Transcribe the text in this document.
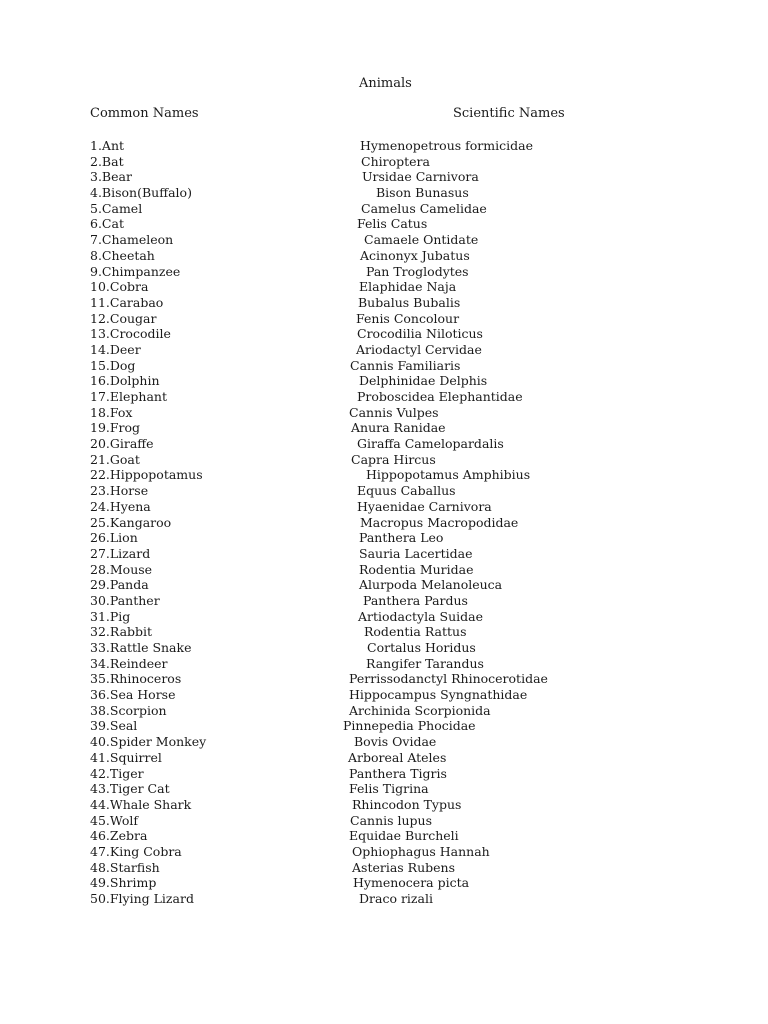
Animals
Common Names	Scientific Names
1.Ant	Hymenopetrous formicidae
2.Bat	Chiroptera
3.Bear	Ursidae Carnivora
4.Bison(Buffalo)	Bison Bunasus
5.Camel	Camelus Camelidae
6.Cat	Felis Catus
7.Chameleon	Camaele Ontidate
8.Cheetah	Acinonyx Jubatus
9.Chimpanzee	Pan Troglodytes
10.Cobra	Elaphidae Naja
11.Carabao	Bubalus Bubalis
12.Cougar	Fenis Concolour
13.Crocodile	Crocodilia Niloticus
14.Deer	Ariodactyl Cervidae
15.Dog	Cannis Familiaris
16.Dolphin	Delphinidae Delphis
17.Elephant	Proboscidea Elephantidae
18.Fox	Cannis Vulpes
19.Frog	Anura Ranidae
20.Giraffe	Giraffa Camelopardalis
21.Goat	Capra Hircus
22.Hippopotamus	Hippopotamus Amphibius
23.Horse	Equus Caballus
24.Hyena	Hyaenidae Carnivora
25.Kangaroo	Macropus Macropodidae
26.Lion	Panthera Leo
27.Lizard	Sauria Lacertidae
28.Mouse	Rodentia Muridae
29.Panda	Alurpoda Melanoleuca
30.Panther	Panthera Pardus
31.Pig	Artiodactyla Suidae
32.Rabbit	Rodentia Rattus
33.Rattle Snake	Cortalus Horidus
34.Reindeer	Rangifer Tarandus
35.Rhinoceros	Perrissodanctyl Rhinocerotidae
36.Sea Horse	Hippocampus Syngnathidae
38.Scorpion	Archinida Scorpionida
39.Seal	Pinnepedia Phocidae
40.Spider Monkey	Bovis Ovidae
41.Squirrel	Arboreal Ateles
42.Tiger	Panthera Tigris
43.Tiger Cat	Felis Tigrina
44.Whale Shark	Rhincodon Typus
45.Wolf	Cannis lupus
46.Zebra	Equidae Burcheli
47.King Cobra	Ophiophagus Hannah
48.Starfish	Asterias Rubens
49.Shrimp	Hymenocera picta
50.Flying Lizard	Draco rizali
